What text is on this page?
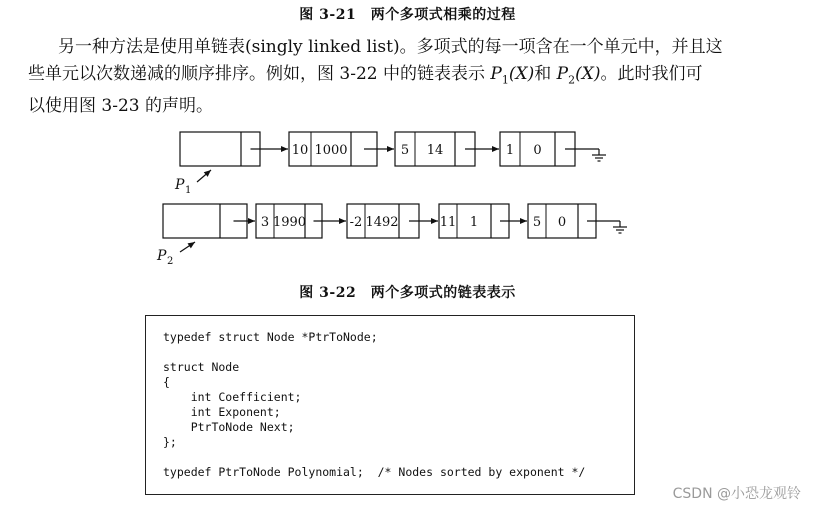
图 3-21　两个多项式相乘的过程
另一种方法是使用单链表(singly linked list)。多项式的每一项含在一个单元中，并且这
些单元以次数递减的顺序排序。例如，图 3-22 中的链表表示 $P_1(X)$和 $P_2(X)$。此时我们可
以使用图 3-23 的声明。
10 1000	5 14	1 0
P 1
3 1990	-2 1492	11 1	5 0
P 2
图 3-22　两个多项式的链表表示
typedef struct Node *PtrToNode;
struct Node
{
int Coefficient;
int Exponent;
PtrToNode Next;
};
typedef PtrToNode Polynomial;  /* Nodes sorted by exponent */
CSDN @小恐龙观铃
